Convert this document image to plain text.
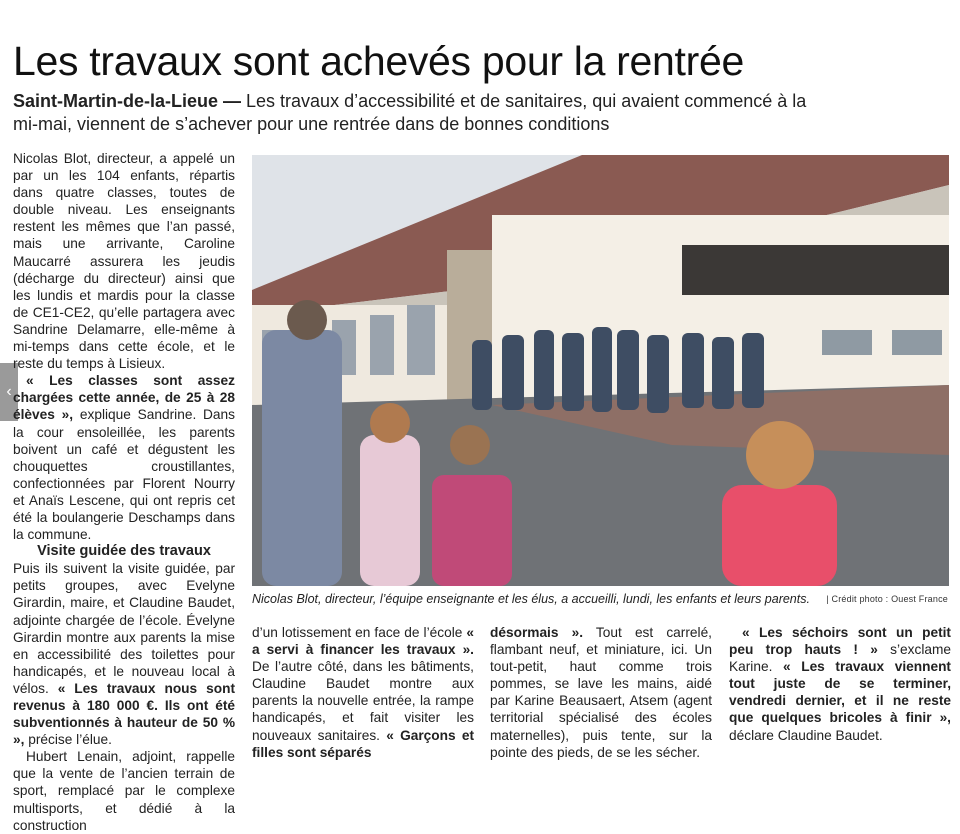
‹
Les travaux sont achevés pour la rentrée
Saint-Martin-de-la-Lieue — Les travaux d’accessibilité et de sanitaires, qui avaient commencé à la mi-mai, viennent de s’achever pour une rentrée dans de bonnes conditions

Nicolas Blot, directeur, a appelé un par un les 104 enfants, répartis dans quatre classes, toutes de double niveau. Les enseignants restent les mêmes que l’an passé, mais une arrivante, Caroline Maucarré assurera les jeudis (décharge du directeur) ainsi que les lundis et mardis pour la classe de CE1-CE2, qu’elle partagera avec Sandrine Delamarre, elle-même à mi-temps dans cette école, et le reste du temps à Lisieux.

« Les classes sont assez chargées cette année, de 25 à 28 élèves », explique Sandrine. Dans la cour ensoleillée, les parents boivent un café et dégustent les chouquettes croustillantes, confectionnées par Florent Nourry et Anaïs Lescene, qui ont repris cet été la boulangerie Deschamps dans la commune.

Visite guidée des travaux

Puis ils suivent la visite guidée, par petits groupes, avec Evelyne Girardin, maire, et Claudine Baudet, adjointe chargée de l’école. Évelyne Girardin montre aux parents la mise en accessibilité des toilettes pour handicapés, et le nouveau local à vélos. « Les travaux nous sont revenus à 180 000 €. Ils ont été subventionnés à hauteur de 50 % », précise l’élue.

Hubert Lenain, adjoint, rappelle que la vente de l’ancien terrain de sport, remplacé par le complexe multisports, et dédié à la construction

Nicolas Blot, directeur, l’équipe enseignante et les élus, a accueilli, lundi, les enfants et leurs parents. | Crédit photo : Ouest France

d’un lotissement en face de l’école « a servi à financer les travaux ». De l’autre côté, dans les bâtiments, Claudine Baudet montre aux parents la nouvelle entrée, la rampe handicapés, et fait visiter les nouveaux sanitaires. « Garçons et filles sont séparés

désormais ». Tout est carrelé, flambant neuf, et miniature, ici. Un tout-petit, haut comme trois pommes, se lave les mains, aidé par Karine Beausaert, Atsem (agent territorial spécialisé des écoles maternelles), puis tente, sur la pointe des pieds, de se les sécher.

« Les séchoirs sont un petit peu trop hauts ! » s’exclame Karine. « Les travaux viennent tout juste de se terminer, vendredi dernier, et il ne reste que quelques bricoles à finir », déclare Claudine Baudet.
